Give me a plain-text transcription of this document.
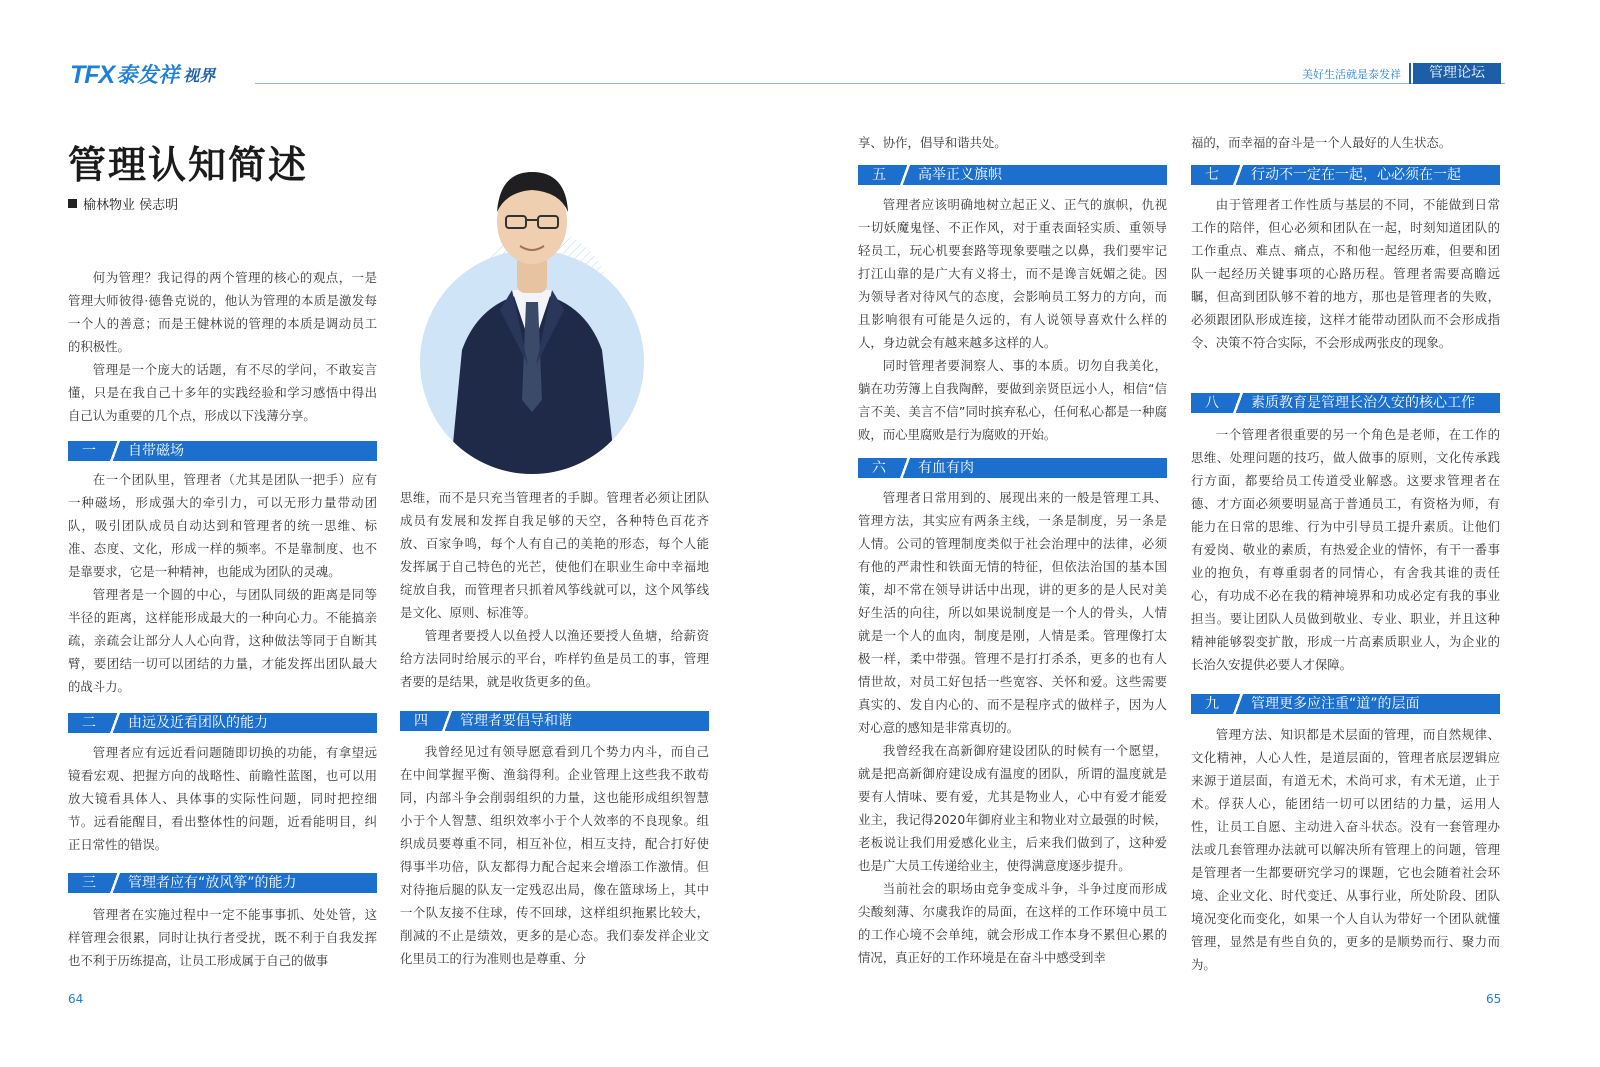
TFX 泰发祥 视界	美好生活就是泰发祥	管理论坛
管理认知简述
榆林物业 侯志明

何为管理？我记得的两个管理的核心的观点，一是管理大师彼得·德鲁克说的，他认为管理的本质是激发每一个人的善意；而是王健林说的管理的本质是调动员工的积极性。

管理是一个庞大的话题，有不尽的学问，不敢妄言懂，只是在我自己十多年的实践经验和学习感悟中得出自己认为重要的几个点，形成以下浅薄分享。

一	自带磁场

在一个团队里，管理者（尤其是团队一把手）应有一种磁场，形成强大的牵引力，可以无形力量带动团队，吸引团队成员自动达到和管理者的统一思维、标准、态度、文化，形成一样的频率。不是靠制度、也不是靠要求，它是一种精神，也能成为团队的灵魂。

管理者是一个圆的中心，与团队同级的距离是同等半径的距离，这样能形成最大的一种向心力。不能搞亲疏，亲疏会让部分人人心向背，这种做法等同于自断其臂，要团结一切可以团结的力量，才能发挥出团队最大的战斗力。

二	由远及近看团队的能力

管理者应有远近看问题随即切换的功能，有拿望远镜看宏观、把握方向的战略性、前瞻性蓝图，也可以用放大镜看具体人、具体事的实际性问题，同时把控细节。远看能醒目，看出整体性的问题，近看能明目，纠正日常性的错误。

三	管理者应有“放风筝”的能力

管理者在实施过程中一定不能事事抓、处处管，这样管理会很累，同时让执行者受扰，既不利于自我发挥也不利于历练提高，让员工形成属于自己的做事

思维，而不是只充当管理者的手脚。管理者必须让团队成员有发展和发挥自我足够的天空，各种特色百花齐放、百家争鸣，每个人有自己的美艳的形态，每个人能发挥属于自己特色的光芒，使他们在职业生命中幸福地绽放自我，而管理者只抓着风筝线就可以，这个风筝线是文化、原则、标准等。

管理者要授人以鱼授人以渔还要授人鱼塘，给薪资给方法同时给展示的平台，咋样钓鱼是员工的事，管理者要的是结果，就是收货更多的鱼。

四	管理者要倡导和谐

我曾经见过有领导愿意看到几个势力内斗，而自己在中间掌握平衡、渔翁得利。企业管理上这些我不敢苟同，内部斗争会削弱组织的力量，这也能形成组织智慧小于个人智慧、组织效率小于个人效率的不良现象。组织成员要尊重不同，相互补位，相互支持，配合打好使得事半功倍，队友都得力配合起来会增添工作激情。但对待拖后腿的队友一定残忍出局，像在篮球场上，其中一个队友接不住球，传不回球，这样组织拖累比较大，削减的不止是绩效，更多的是心态。我们泰发祥企业文化里员工的行为准则也是尊重、分

享、协作，倡导和谐共处。

五	高举正义旗帜

管理者应该明确地树立起正义、正气的旗帜，仇视一切妖魔鬼怪、不正作风，对于重表面轻实质、重领导轻员工，玩心机要套路等现象要嗤之以鼻，我们要牢记打江山靠的是广大有义将士，而不是谗言妩媚之徒。因为领导者对待风气的态度，会影响员工努力的方向，而且影响很有可能是久远的，有人说领导喜欢什么样的人，身边就会有越来越多这样的人。

同时管理者要洞察人、事的本质。切勿自我美化，躺在功劳簿上自我陶醉，要做到亲贤臣远小人，相信“信言不美、美言不信”同时摈弃私心，任何私心都是一种腐败，而心里腐败是行为腐败的开始。

六	有血有肉

管理者日常用到的、展现出来的一般是管理工具、管理方法，其实应有两条主线，一条是制度，另一条是人情。公司的管理制度类似于社会治理中的法律，必须有他的严肃性和铁面无情的特征，但依法治国的基本国策，却不常在领导讲话中出现，讲的更多的是人民对美好生活的向往，所以如果说制度是一个人的骨头，人情就是一个人的血肉，制度是刚，人情是柔。管理像打太极一样，柔中带强。管理不是打打杀杀，更多的也有人情世故，对员工好包括一些宽容、关怀和爱。这些需要真实的、发自内心的、而不是程序式的做样子，因为人对心意的感知是非常真切的。

我曾经我在高新御府建设团队的时候有一个愿望，就是把高新御府建设成有温度的团队，所谓的温度就是要有人情味、要有爱，尤其是物业人，心中有爱才能爱业主，我记得2020年御府业主和物业对立最强的时候，老板说让我们用爱感化业主，后来我们做到了，这种爱也是广大员工传递给业主，使得满意度逐步提升。

当前社会的职场由竞争变成斗争，斗争过度而形成尖酸刻薄、尔虞我诈的局面，在这样的工作环境中员工的工作心境不会单纯，就会形成工作本身不累但心累的情况，真正好的工作环境是在奋斗中感受到幸

福的，而幸福的奋斗是一个人最好的人生状态。

七	行动不一定在一起，心必须在一起

由于管理者工作性质与基层的不同，不能做到日常工作的陪伴，但心必须和团队在一起，时刻知道团队的工作重点、难点、痛点，不和他一起经历难，但要和团队一起经历关键事项的心路历程。管理者需要高瞻远瞩，但高到团队够不着的地方，那也是管理者的失败，必须跟团队形成连接，这样才能带动团队而不会形成指令、决策不符合实际，不会形成两张皮的现象。

八	素质教育是管理长治久安的核心工作

一个管理者很重要的另一个角色是老师，在工作的思维、处理问题的技巧，做人做事的原则，文化传承践行方面，都要给员工传道受业解惑。这要求管理者在德、才方面必须要明显高于普通员工，有资格为师，有能力在日常的思维、行为中引导员工提升素质。让他们有爱岗、敬业的素质，有热爱企业的情怀，有干一番事业的抱负，有尊重弱者的同情心，有舍我其谁的责任心，有功成不必在我的精神境界和功成必定有我的事业担当。要让团队人员做到敬业、专业、职业，并且这种精神能够裂变扩散，形成一片高素质职业人，为企业的长治久安提供必要人才保障。

九	管理更多应注重“道”的层面

管理方法、知识都是术层面的管理，而自然规律、文化精神，人心人性，是道层面的，管理者底层逻辑应来源于道层面，有道无术，术尚可求，有术无道，止于术。俘获人心，能团结一切可以团结的力量，运用人性，让员工自愿、主动进入奋斗状态。没有一套管理办法或几套管理办法就可以解决所有管理上的问题，管理是管理者一生都要研究学习的课题，它也会随着社会环境、企业文化、时代变迁、从事行业，所处阶段、团队境况变化而变化，如果一个人自认为带好一个团队就懂管理，显然是有些自负的，更多的是顺势而行、聚力而为。

64	65
